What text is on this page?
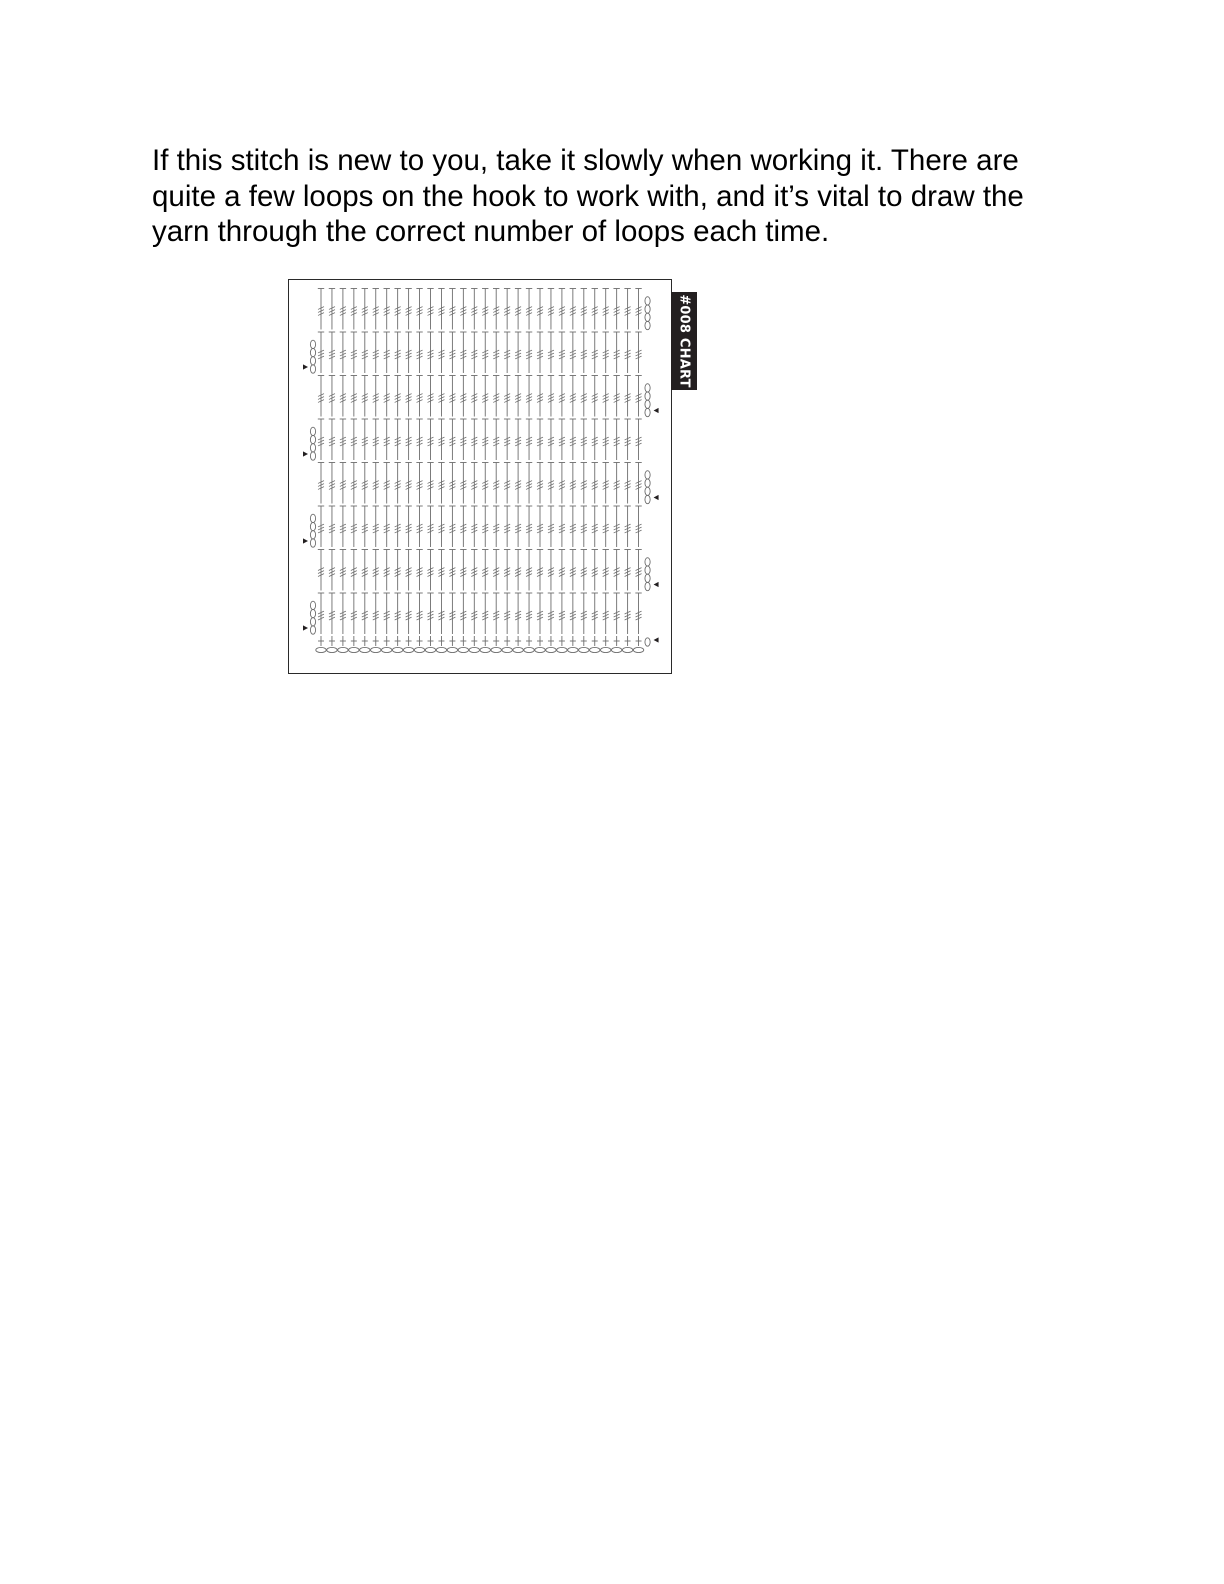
If this stitch is new to you, take it slowly when working it. There are quite a few loops on the hook to work with, and it’s vital to draw the yarn through the correct number of loops each time.

#008 CHART
